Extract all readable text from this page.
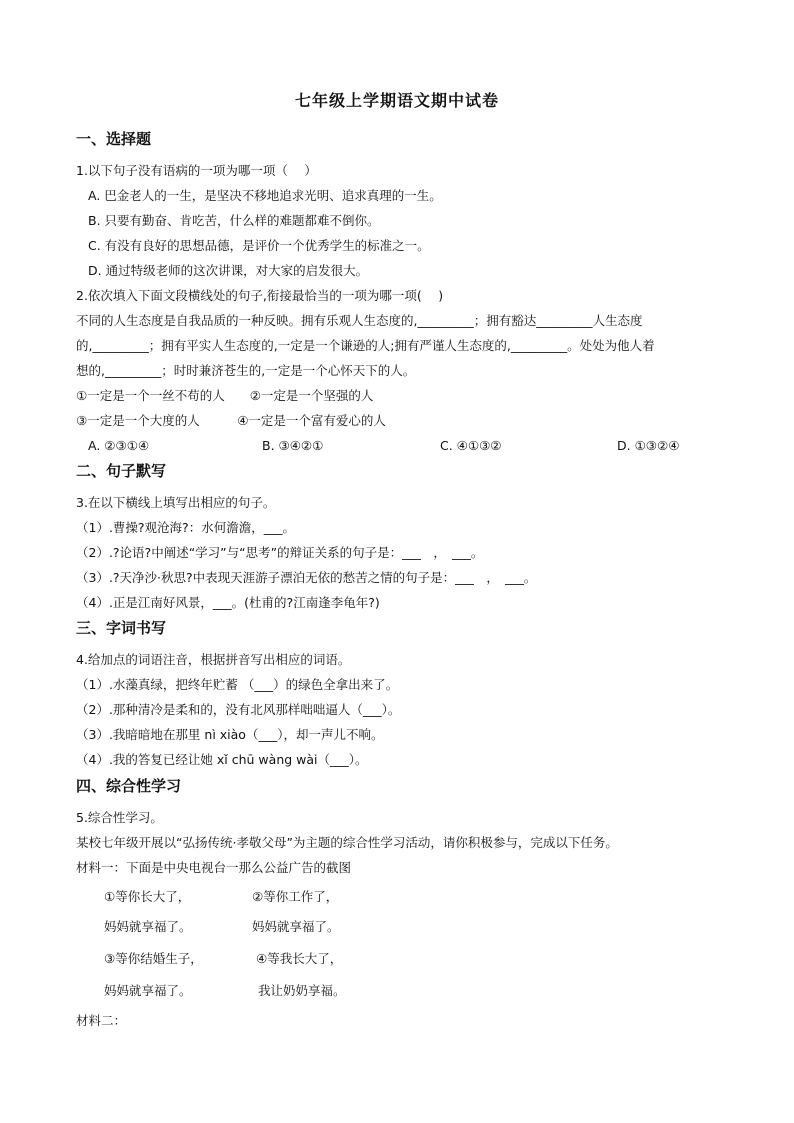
七年级上学期语文期中试卷
一、选择题
1.以下句子没有语病的一项为哪一项（　 ）
A. 巴金老人的一生，是坚决不移地追求光明、追求真理的一生。
B. 只要有勤奋、肯吃苦，什么样的难题都难不倒你。
C. 有没有良好的思想品德，是评价一个优秀学生的标准之一。
D. 通过特级老师的这次讲课，对大家的启发很大。
2.依次填入下面文段横线处的句子,衔接最恰当的一项为哪一项(　 )
不同的人生态度是自我品质的一种反映。拥有乐观人生态度的,_________；拥有豁达_________人生态度
的,_________；拥有平实人生态度的,一定是一个谦逊的人;拥有严谨人生态度的,_________。处处为他人着
想的,_________；时时兼济苍生的,一定是一个心怀天下的人。
①一定是一个一丝不苟的人　　②一定是一个坚强的人
③一定是一个大度的人　　　④一定是一个富有爱心的人
A. ②③①④	B. ③④②①	C. ④①③②	D. ①③②④
二、句子默写
3.在以下横线上填写出相应的句子。
（1）.曹操?观沧海?：水何澹澹，___。
（2）.?论语?中阐述“学习”与“思考”的辩证关系的句子是：___　，　___。
（3）.?天净沙·秋思?中表现天涯游子漂泊无依的愁苦之情的句子是：___　，　___。
（4）.正是江南好风景，___。(杜甫的?江南逢李龟年?)
三、字词书写
4.给加点的词语注音，根据拼音写出相应的词语。
（1）.水藻真绿，把终年贮蓄 （___）的绿色全拿出来了。
（2）.那种清冷是柔和的，没有北风那样咄咄逼人（___）。
（3）.我暗暗地在那里 nì xiào（___），却一声儿不响。
（4）.我的答复已经让她 xǐ chū wàng wài（___）。
四、综合性学习
5.综合性学习。
某校七年级开展以“弘扬传统·孝敬父母”为主题的综合性学习活动，请你积极参与，完成以下任务。
材料一：下面是中央电视台一那么公益广告的截图
①等你长大了，	②等你工作了，
妈妈就享福了。	妈妈就享福了。
③等你结婚生子，	④等我长大了，
妈妈就享福了。	我让奶奶享福。
材料二：
